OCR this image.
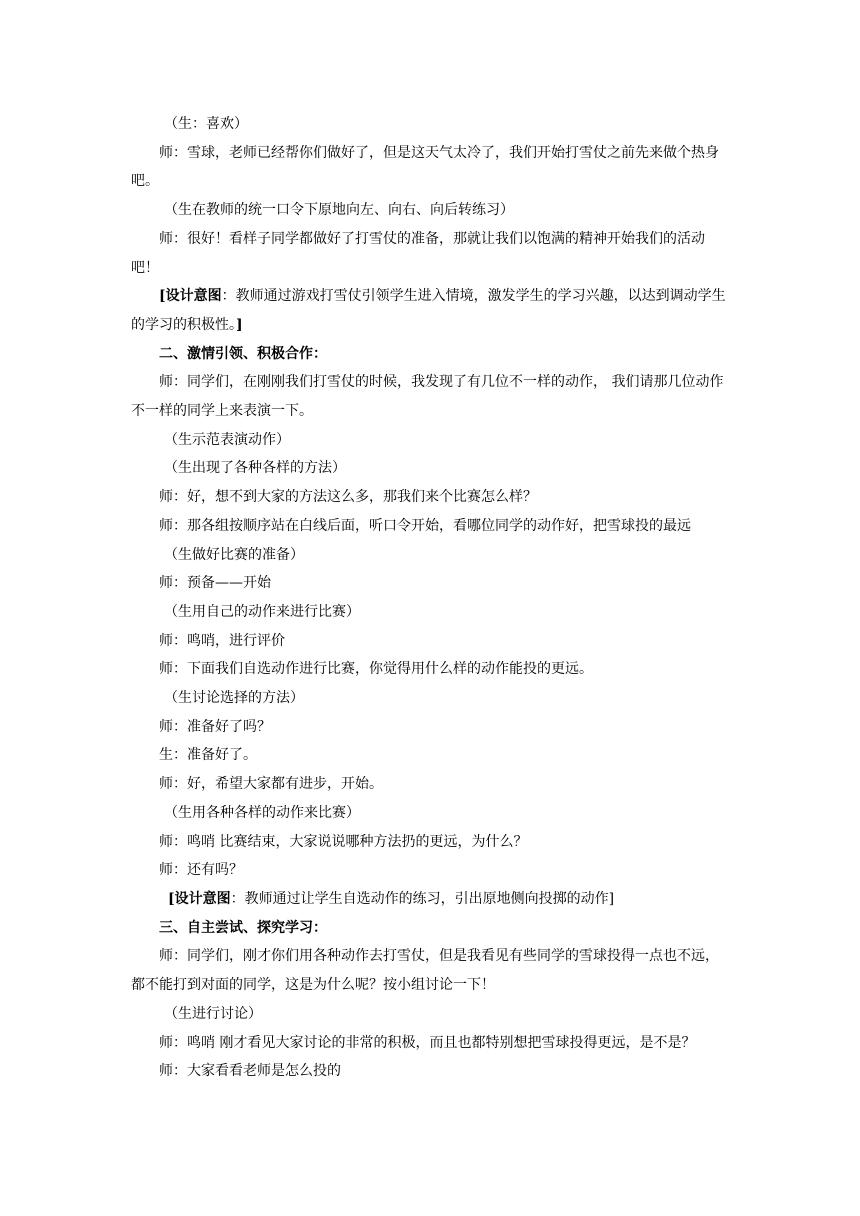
（生：喜欢）

师：雪球，老师已经帮你们做好了，但是这天气太冷了，我们开始打雪仗之前先来做个热身吧。

（生在教师的统一口令下原地向左、向右、向后转练习）

师：很好！看样子同学都做好了打雪仗的准备，那就让我们以饱满的精神开始我们的活动吧！

[设计意图：教师通过游戏打雪仗引领学生进入情境，激发学生的学习兴趣，以达到调动学生的学习的积极性。]

二、激情引领、积极合作：

师：同学们，在刚刚我们打雪仗的时候，我发现了有几位不一样的动作， 我们请那几位动作不一样的同学上来表演一下。

（生示范表演动作）

（生出现了各种各样的方法）

师：好，想不到大家的方法这么多，那我们来个比赛怎么样？

师：那各组按顺序站在白线后面，听口令开始，看哪位同学的动作好，把雪球投的最远

（生做好比赛的准备）

师：预备——开始

（生用自己的动作来进行比赛）

师：鸣哨，进行评价

师：下面我们自选动作进行比赛，你觉得用什么样的动作能投的更远。

（生讨论选择的方法）

师：准备好了吗？

生：准备好了。

师：好，希望大家都有进步，开始。

（生用各种各样的动作来比赛）

师：鸣哨 比赛结束，大家说说哪种方法扔的更远，为什么？

师：还有吗？

[设计意图：教师通过让学生自选动作的练习，引出原地侧向投掷的动作]

三、自主尝试、探究学习：

师：同学们，刚才你们用各种动作去打雪仗，但是我看见有些同学的雪球投得一点也不远，都不能打到对面的同学，这是为什么呢？按小组讨论一下！

（生进行讨论）

师：鸣哨 刚才看见大家讨论的非常的积极，而且也都特别想把雪球投得更远，是不是？

师：大家看看老师是怎么投的
